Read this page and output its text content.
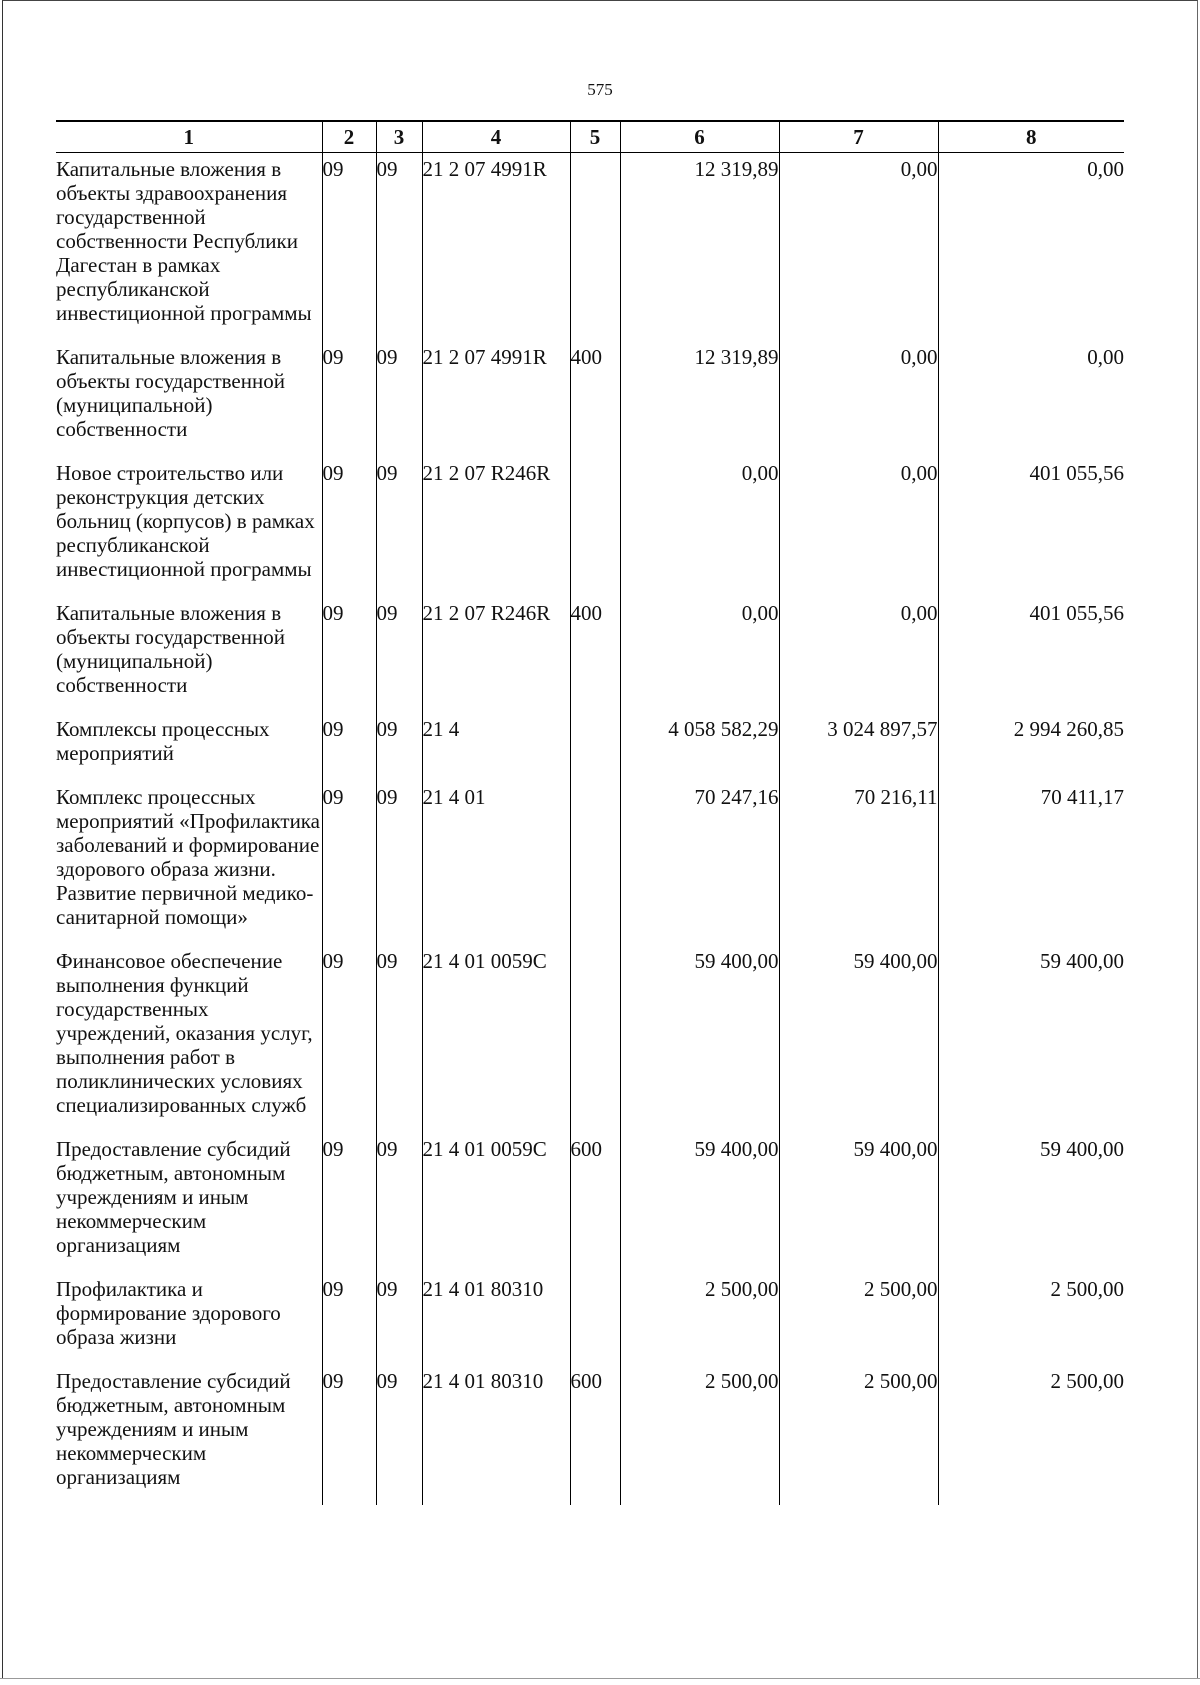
575
1	2	3	4	5	6	7	8
Капитальные вложения в объекты здравоохранения государственной собственности Республики Дагестан в рамках республиканской инвестиционной программы	09	09	21 2 07 4991R		12 319,89	0,00	0,00
Капитальные вложения в объекты государственной (муниципальной) собственности	09	09	21 2 07 4991R	400	12 319,89	0,00	0,00
Новое строительство или реконструкция детских больниц (корпусов) в рамках республиканской инвестиционной программы	09	09	21 2 07 R246R		0,00	0,00	401 055,56
Капитальные вложения в объекты государственной (муниципальной) собственности	09	09	21 2 07 R246R	400	0,00	0,00	401 055,56
Комплексы процессных мероприятий	09	09	21 4		4 058 582,29	3 024 897,57	2 994 260,85
Комплекс процессных мероприятий «Профилактика заболеваний и формирование здорового образа жизни. Развитие первичной медико-санитарной помощи»	09	09	21 4 01		70 247,16	70 216,11	70 411,17
Финансовое обеспечение выполнения функций государственных учреждений, оказания услуг, выполнения работ в поликлинических условиях специализированных служб	09	09	21 4 01 0059С		59 400,00	59 400,00	59 400,00
Предоставление субсидий бюджетным, автономным учреждениям и иным некоммерческим организациям	09	09	21 4 01 0059С	600	59 400,00	59 400,00	59 400,00
Профилактика и формирование здорового образа жизни	09	09	21 4 01 80310		2 500,00	2 500,00	2 500,00
Предоставление субсидий бюджетным, автономным учреждениям и иным некоммерческим организациям	09	09	21 4 01 80310	600	2 500,00	2 500,00	2 500,00
